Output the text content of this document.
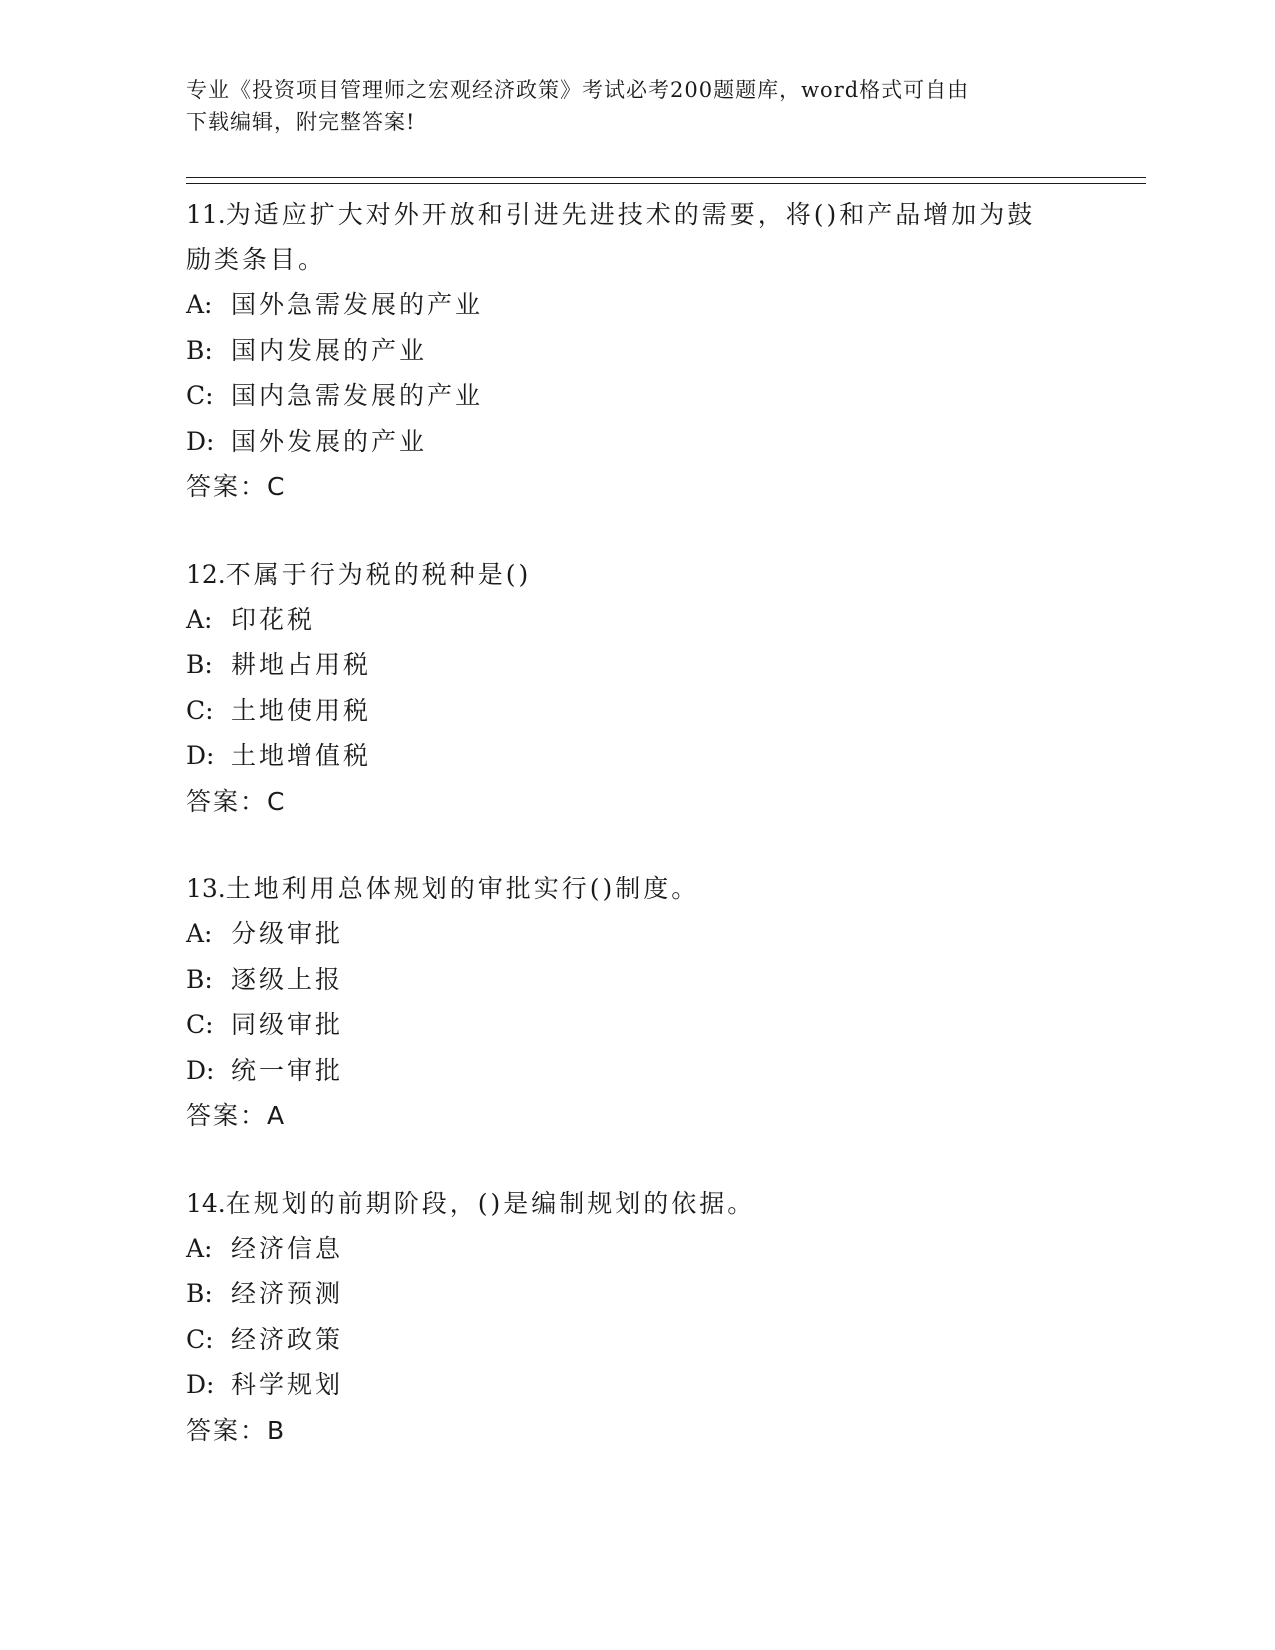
专业《投资项目管理师之宏观经济政策》考试必考200题题库，word格式可自由
下载编辑，附完整答案!
11.为适应扩大对外开放和引进先进技术的需要，将()和产品增加为鼓
励类条目。
A: 国外急需发展的产业
B: 国内发展的产业
C: 国内急需发展的产业
D: 国外发展的产业
答案：C
12.不属于行为税的税种是()
A: 印花税
B: 耕地占用税
C: 土地使用税
D: 土地增值税
答案：C
13.土地利用总体规划的审批实行()制度。
A: 分级审批
B: 逐级上报
C: 同级审批
D: 统一审批
答案：A
14.在规划的前期阶段，()是编制规划的依据。
A: 经济信息
B: 经济预测
C: 经济政策
D: 科学规划
答案：B
